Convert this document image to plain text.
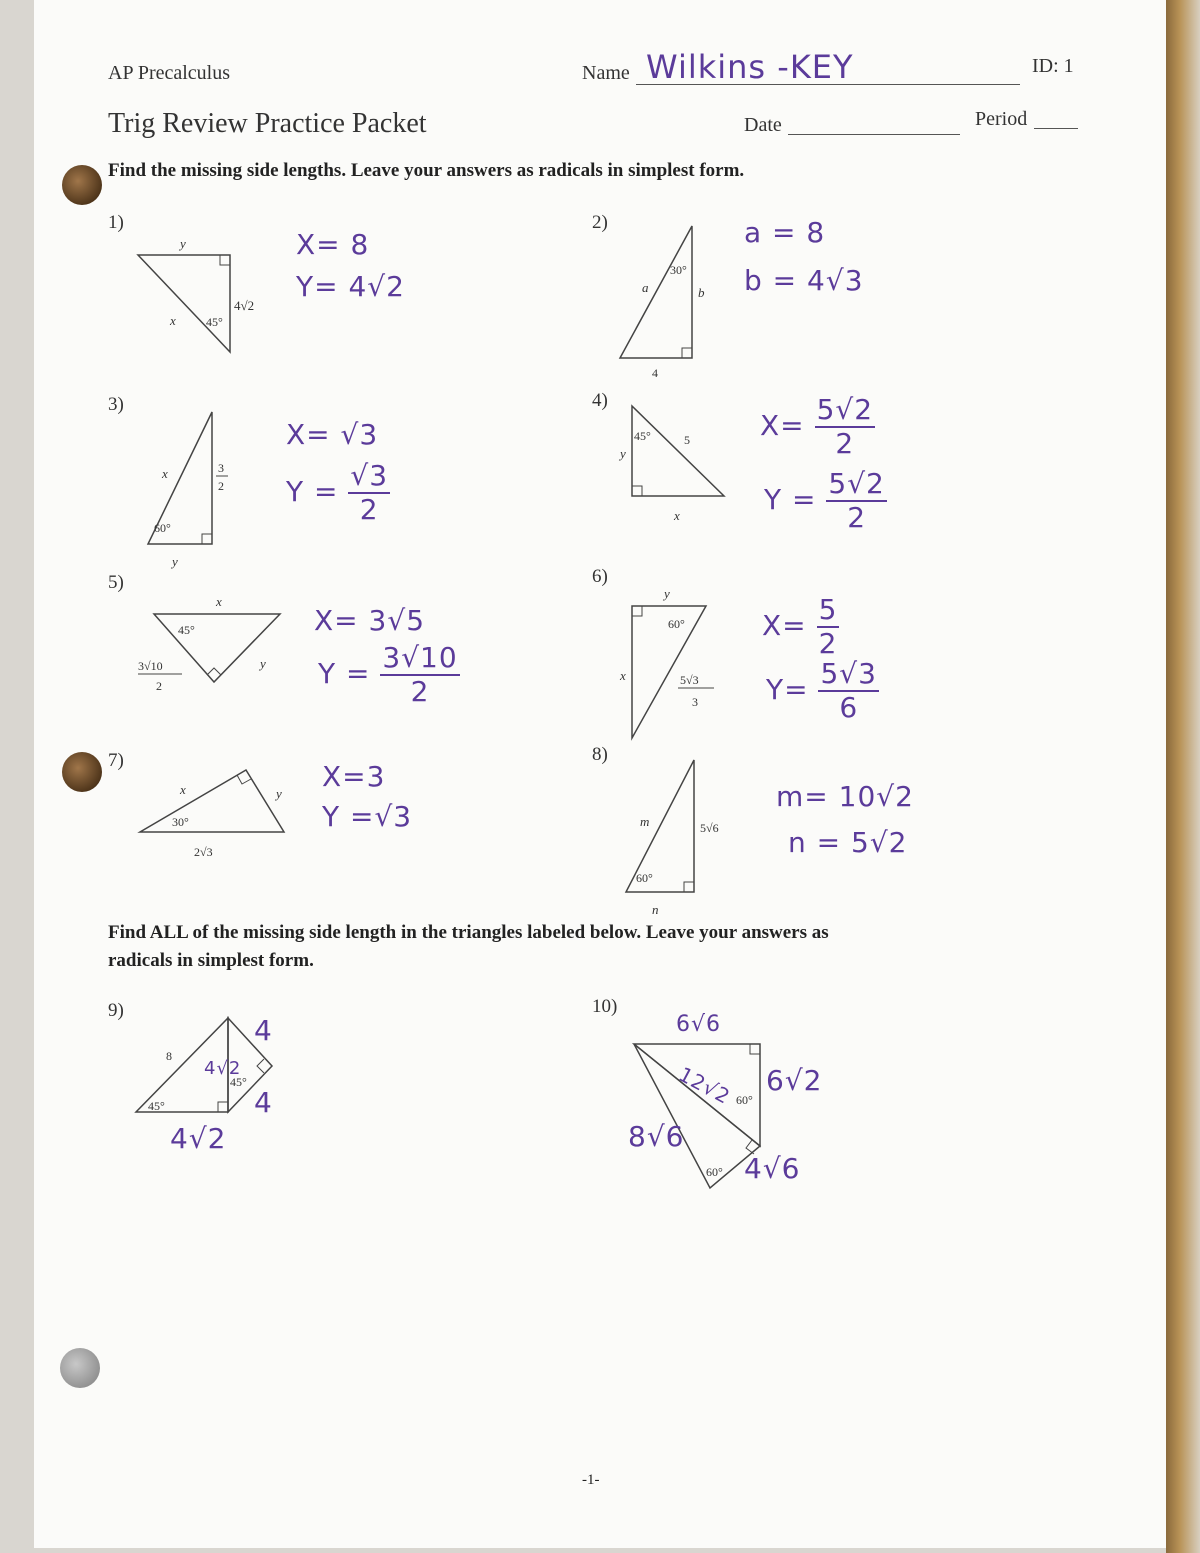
AP Precalculus	Name Wilkins -KEY	ID: 1
Trig Review Practice Packet	Date	Period
Find the missing side lengths. Leave your answers as radicals in simplest form.
1)
y
x
4√2
45°
X= 8
Y= 4√2
2)
a	b
4
30°
a = 8
b = 4√3
3)
x	3
2
y
60°
X= √3
$Y = \frac{√3}{2}$
4)
y
x
5
45°	$X= \frac{5√2}{2}$
$Y = \frac{5√2}{2}$
5)
x
y
45°
3√10
2
X= 3√5
$Y = \frac{3√10}{2}$
6)
y
x
60°
5√3
3
$X= \frac{5}{2}$
$Y= \frac{5√3}{6}$
7)
x	y
30°
2√3
X=3
Y =√3
8)
m	5√6
60°
n
m= 10√2
n = 5√2
Find ALL of the missing side length in the triangles labeled below. Leave your answers as
radicals in simplest form.
9)
8
45°
45°
4
4
4√2
4√2
10)
60°
60°
6√6
12√2 6√2
8√6
4√6
-1-
